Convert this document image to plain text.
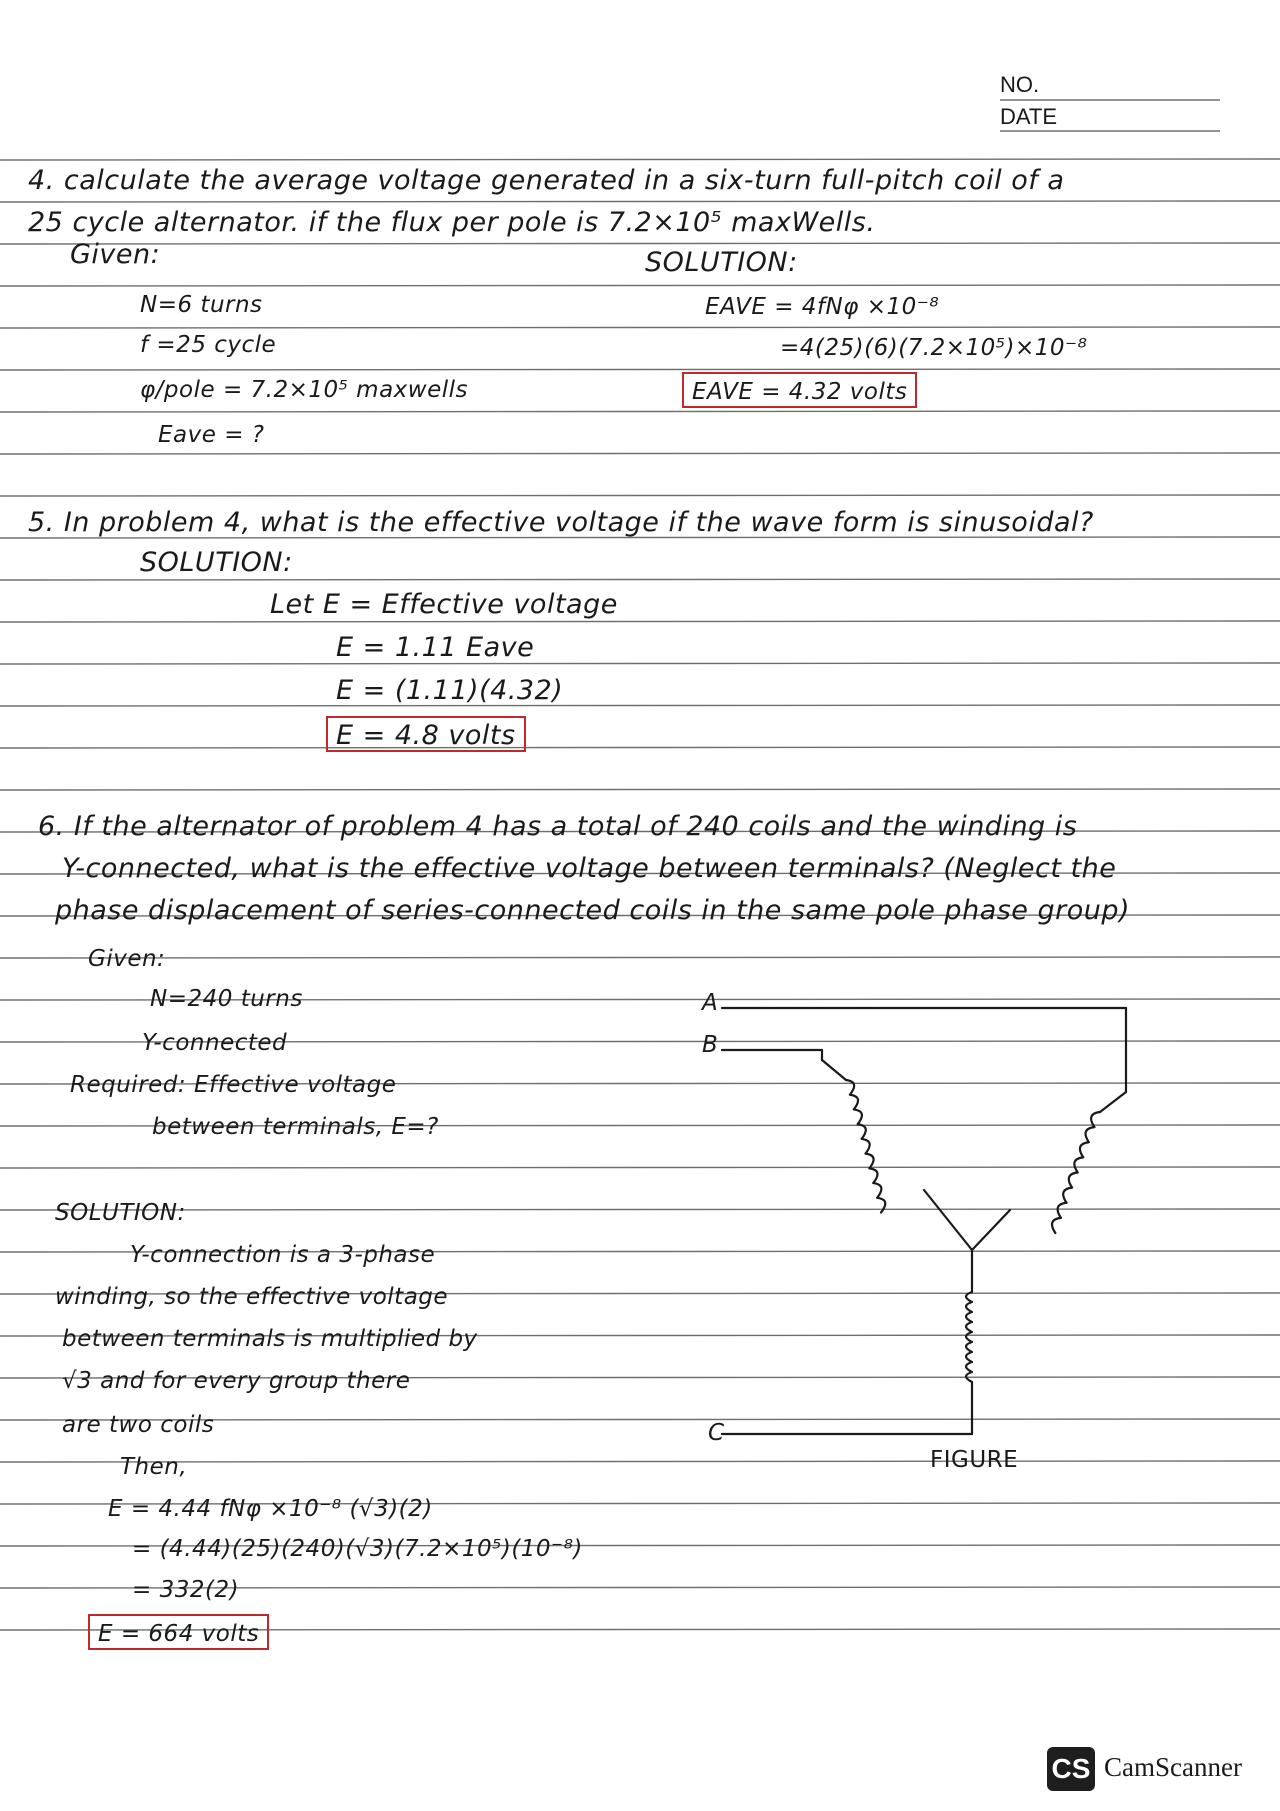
NO.
DATE
4. calculate the average voltage generated in a six-turn full-pitch coil of a
25 cycle alternator. if the flux per pole is 7.2×10⁵ maxWells.
Given:	SOLUTION:
N=6 turns
f =25 cycle
φ/pole = 7.2×10⁵ maxwells
Eave = ?
EAVE = 4fNφ ×10⁻⁸
=4(25)(6)(7.2×10⁵)×10⁻⁸
EAVE = 4.32 volts
5. In problem 4, what is the effective voltage if the wave form is sinusoidal?
SOLUTION:
Let E = Effective voltage
E = 1.11 Eave
E = (1.11)(4.32)
E = 4.8 volts
6. If the alternator of problem 4 has a total of 240 coils and the winding is
Y-connected, what is the effective voltage between terminals? (Neglect the
phase displacement of series-connected coils in the same pole phase group)
Given:
N=240 turns
Y-connected
Required: Effective voltage
between terminals, E=?
SOLUTION:
Y-connection is a 3-phase
winding, so the effective voltage
between terminals is multiplied by
√3 and for every group there
are two coils
Then,
E = 4.44 fNφ ×10⁻⁸ (√3)(2)
= (4.44)(25)(240)(√3)(7.2×10⁵)(10⁻⁸)
= 332(2)
E = 664 volts
A
B
C
FIGURE
CS CamScanner
